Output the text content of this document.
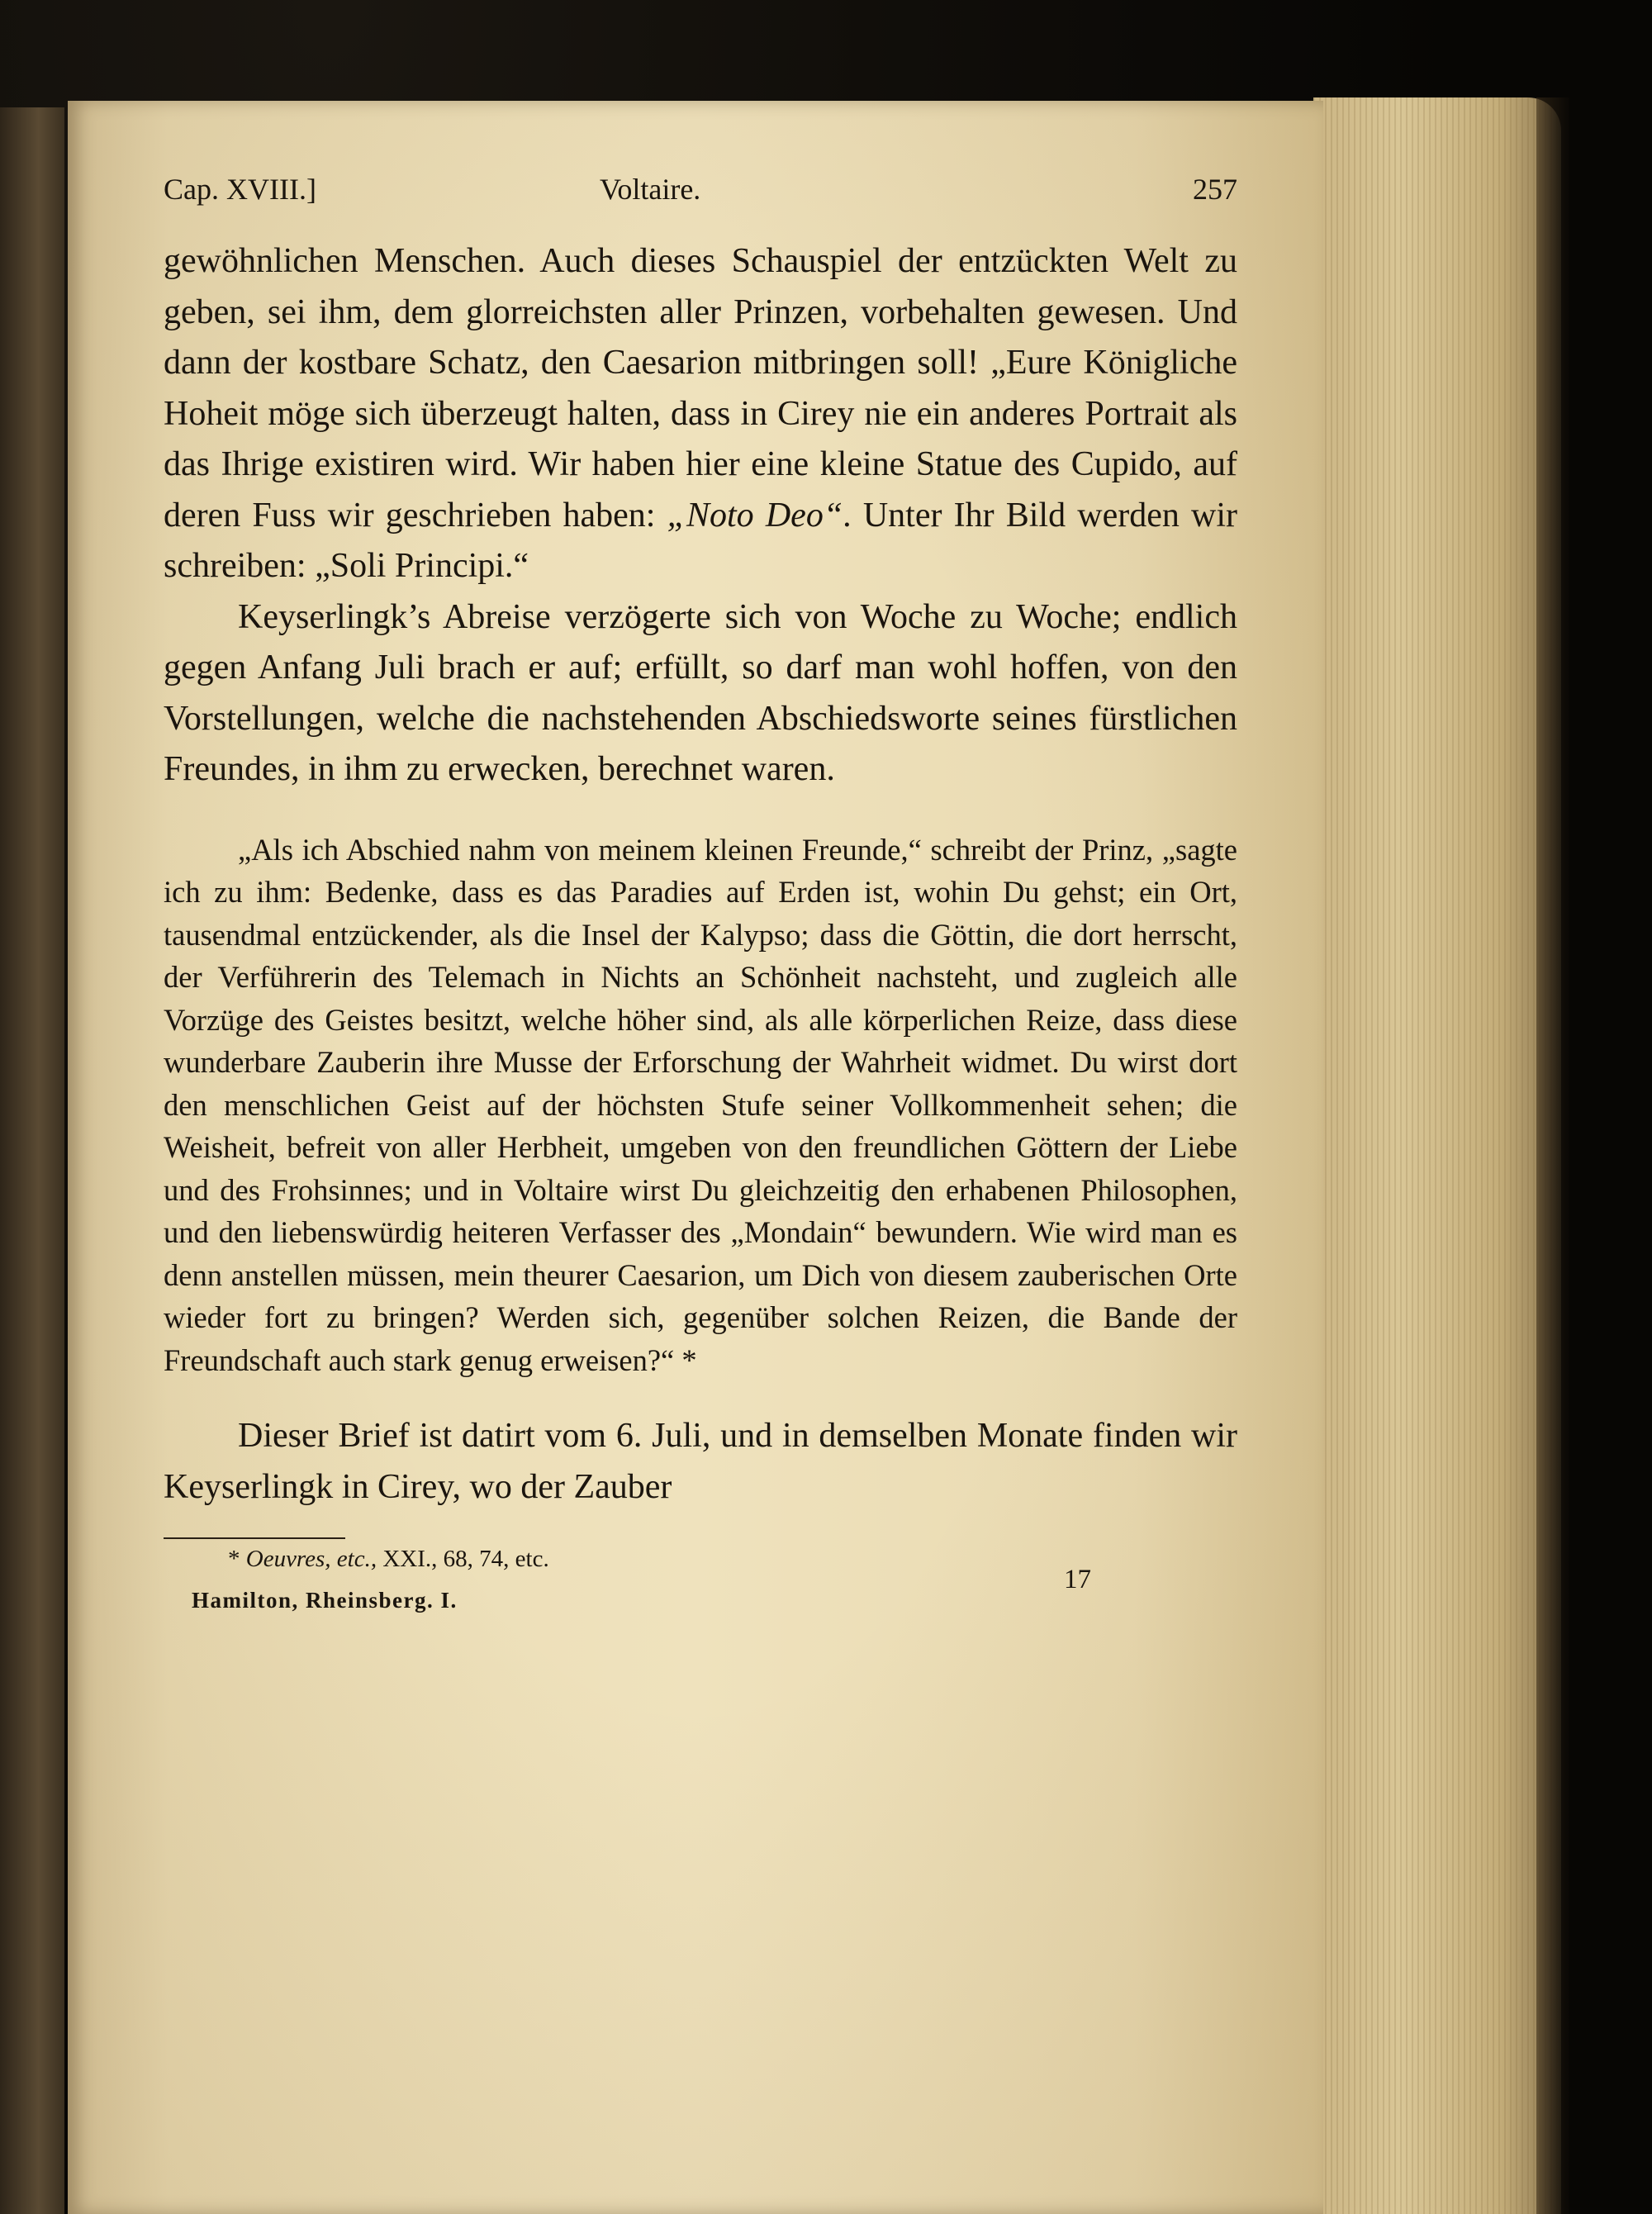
Cap. XVIII.]	Voltaire.	257

gewöhnlichen Menschen. Auch dieses Schauspiel der entzückten Welt zu geben, sei ihm, dem glorreichsten aller Prinzen, vorbehalten gewesen. Und dann der kostbare Schatz, den Caesarion mitbringen soll! „Eure Königliche Hoheit möge sich überzeugt halten, dass in Cirey nie ein anderes Portrait als das Ihrige existiren wird. Wir haben hier eine kleine Statue des Cupido, auf deren Fuss wir geschrieben haben: „Noto Deo“. Unter Ihr Bild werden wir schreiben: „Soli Principi.“

Keyserlingk’s Abreise verzögerte sich von Woche zu Woche; endlich gegen Anfang Juli brach er auf; erfüllt, so darf man wohl hoffen, von den Vorstellungen, welche die nachstehenden Abschiedsworte seines fürstlichen Freundes, in ihm zu erwecken, berechnet waren.

„Als ich Abschied nahm von meinem kleinen Freunde,“ schreibt der Prinz, „sagte ich zu ihm: Bedenke, dass es das Paradies auf Erden ist, wohin Du gehst; ein Ort, tausendmal entzückender, als die Insel der Kalypso; dass die Göttin, die dort herrscht, der Verführerin des Telemach in Nichts an Schönheit nachsteht, und zugleich alle Vorzüge des Geistes besitzt, welche höher sind, als alle körperlichen Reize, dass diese wunderbare Zauberin ihre Musse der Erforschung der Wahrheit widmet. Du wirst dort den menschlichen Geist auf der höchsten Stufe seiner Vollkommenheit sehen; die Weisheit, befreit von aller Herbheit, umgeben von den freundlichen Göttern der Liebe und des Frohsinnes; und in Voltaire wirst Du gleichzeitig den erhabenen Philosophen, und den liebenswürdig heiteren Verfasser des „Mondain“ bewundern. Wie wird man es denn anstellen müssen, mein theurer Caesarion, um Dich von diesem zauberischen Orte wieder fort zu bringen? Werden sich, gegenüber solchen Reizen, die Bande der Freundschaft auch stark genug erweisen?“ *

Dieser Brief ist datirt vom 6. Juli, und in demselben Monate finden wir Keyserlingk in Cirey, wo der Zauber

* Oeuvres, etc., XXI., 68, 74, etc.
Hamilton, Rheinsberg. I.
17
